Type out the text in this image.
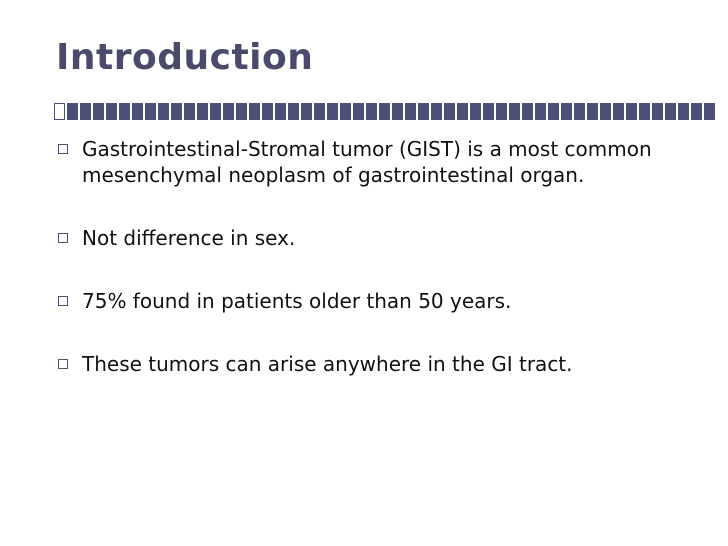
Introduction
Gastrointestinal-Stromal tumor (GIST) is a most common mesenchymal neoplasm of gastrointestinal organ.
Not difference in sex.
75% found in patients older than 50 years.
These tumors can arise anywhere in the GI tract.
